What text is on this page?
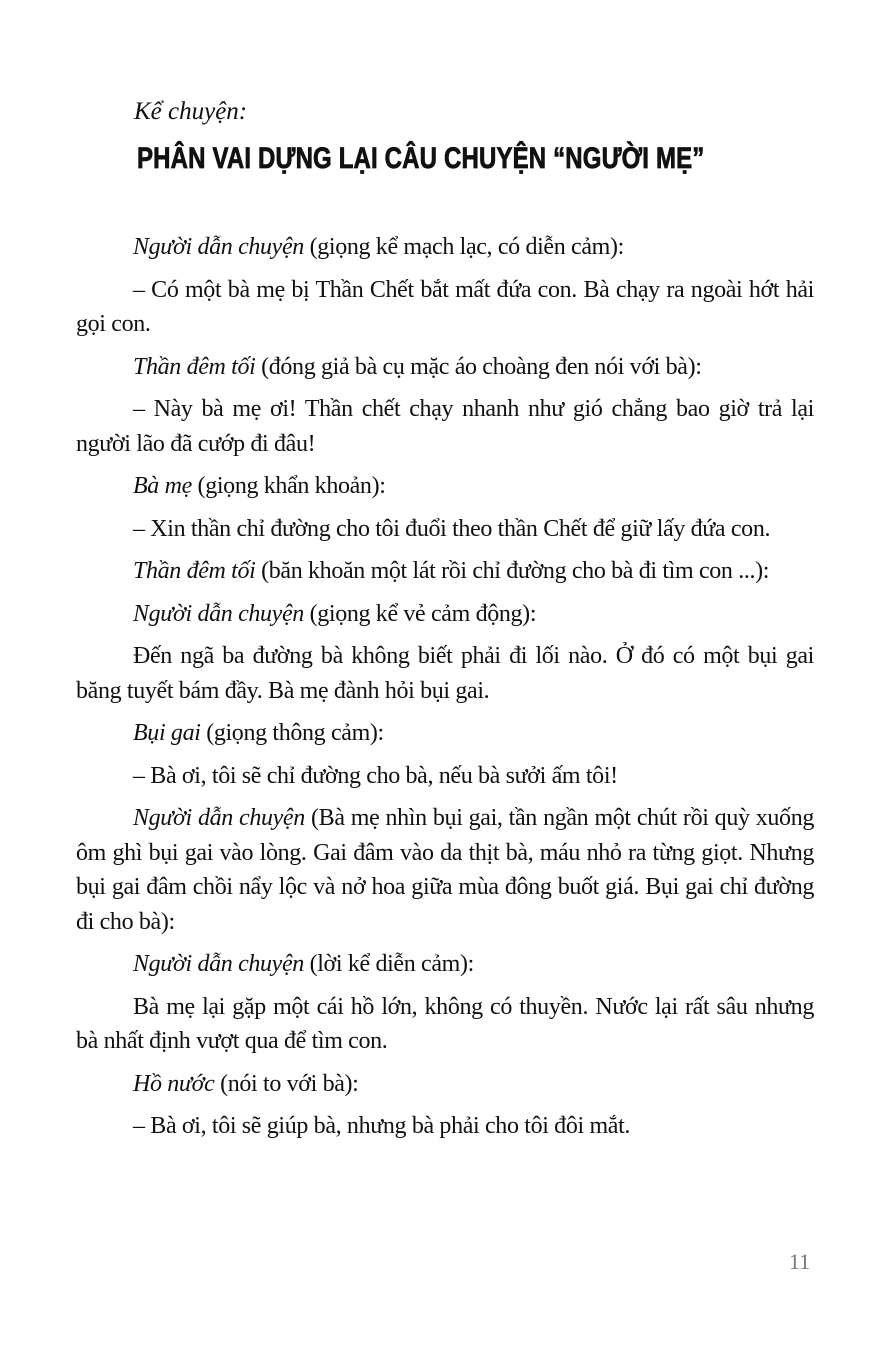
Kể chuyện:
PHÂN VAI DỰNG LẠI CÂU CHUYỆN “NGƯỜI MẸ”

Người dẫn chuyện (giọng kể mạch lạc, có diễn cảm):

– Có một bà mẹ bị Thần Chết bắt mất đứa con. Bà chạy ra ngoài hớt hải gọi con.

Thần đêm tối (đóng giả bà cụ mặc áo choàng đen nói với bà):

– Này bà mẹ ơi! Thần chết chạy nhanh như gió chẳng bao giờ trả lại người lão đã cướp đi đâu!

Bà mẹ (giọng khẩn khoản):

– Xin thần chỉ đường cho tôi đuổi theo thần Chết để giữ lấy đứa con.

Thần đêm tối (băn khoăn một lát rồi chỉ đường cho bà đi tìm con ...):

Người dẫn chuyện (giọng kể vẻ cảm động):

Đến ngã ba đường bà không biết phải đi lối nào. Ở đó có một bụi gai băng tuyết bám đầy. Bà mẹ đành hỏi bụi gai.

Bụi gai (giọng thông cảm):

– Bà ơi, tôi sẽ chỉ đường cho bà, nếu bà sưởi ấm tôi!

Người dẫn chuyện (Bà mẹ nhìn bụi gai, tần ngần một chút rồi quỳ xuống ôm ghì bụi gai vào lòng. Gai đâm vào da thịt bà, máu nhỏ ra từng giọt. Nhưng bụi gai đâm chồi nẩy lộc và nở hoa giữa mùa đông buốt giá. Bụi gai chỉ đường đi cho bà):

Người dẫn chuyện (lời kể diễn cảm):

Bà mẹ lại gặp một cái hồ lớn, không có thuyền. Nước lại rất sâu nhưng bà nhất định vượt qua để tìm con.

Hồ nước (nói to với bà):

– Bà ơi, tôi sẽ giúp bà, nhưng bà phải cho tôi đôi mắt.

11
